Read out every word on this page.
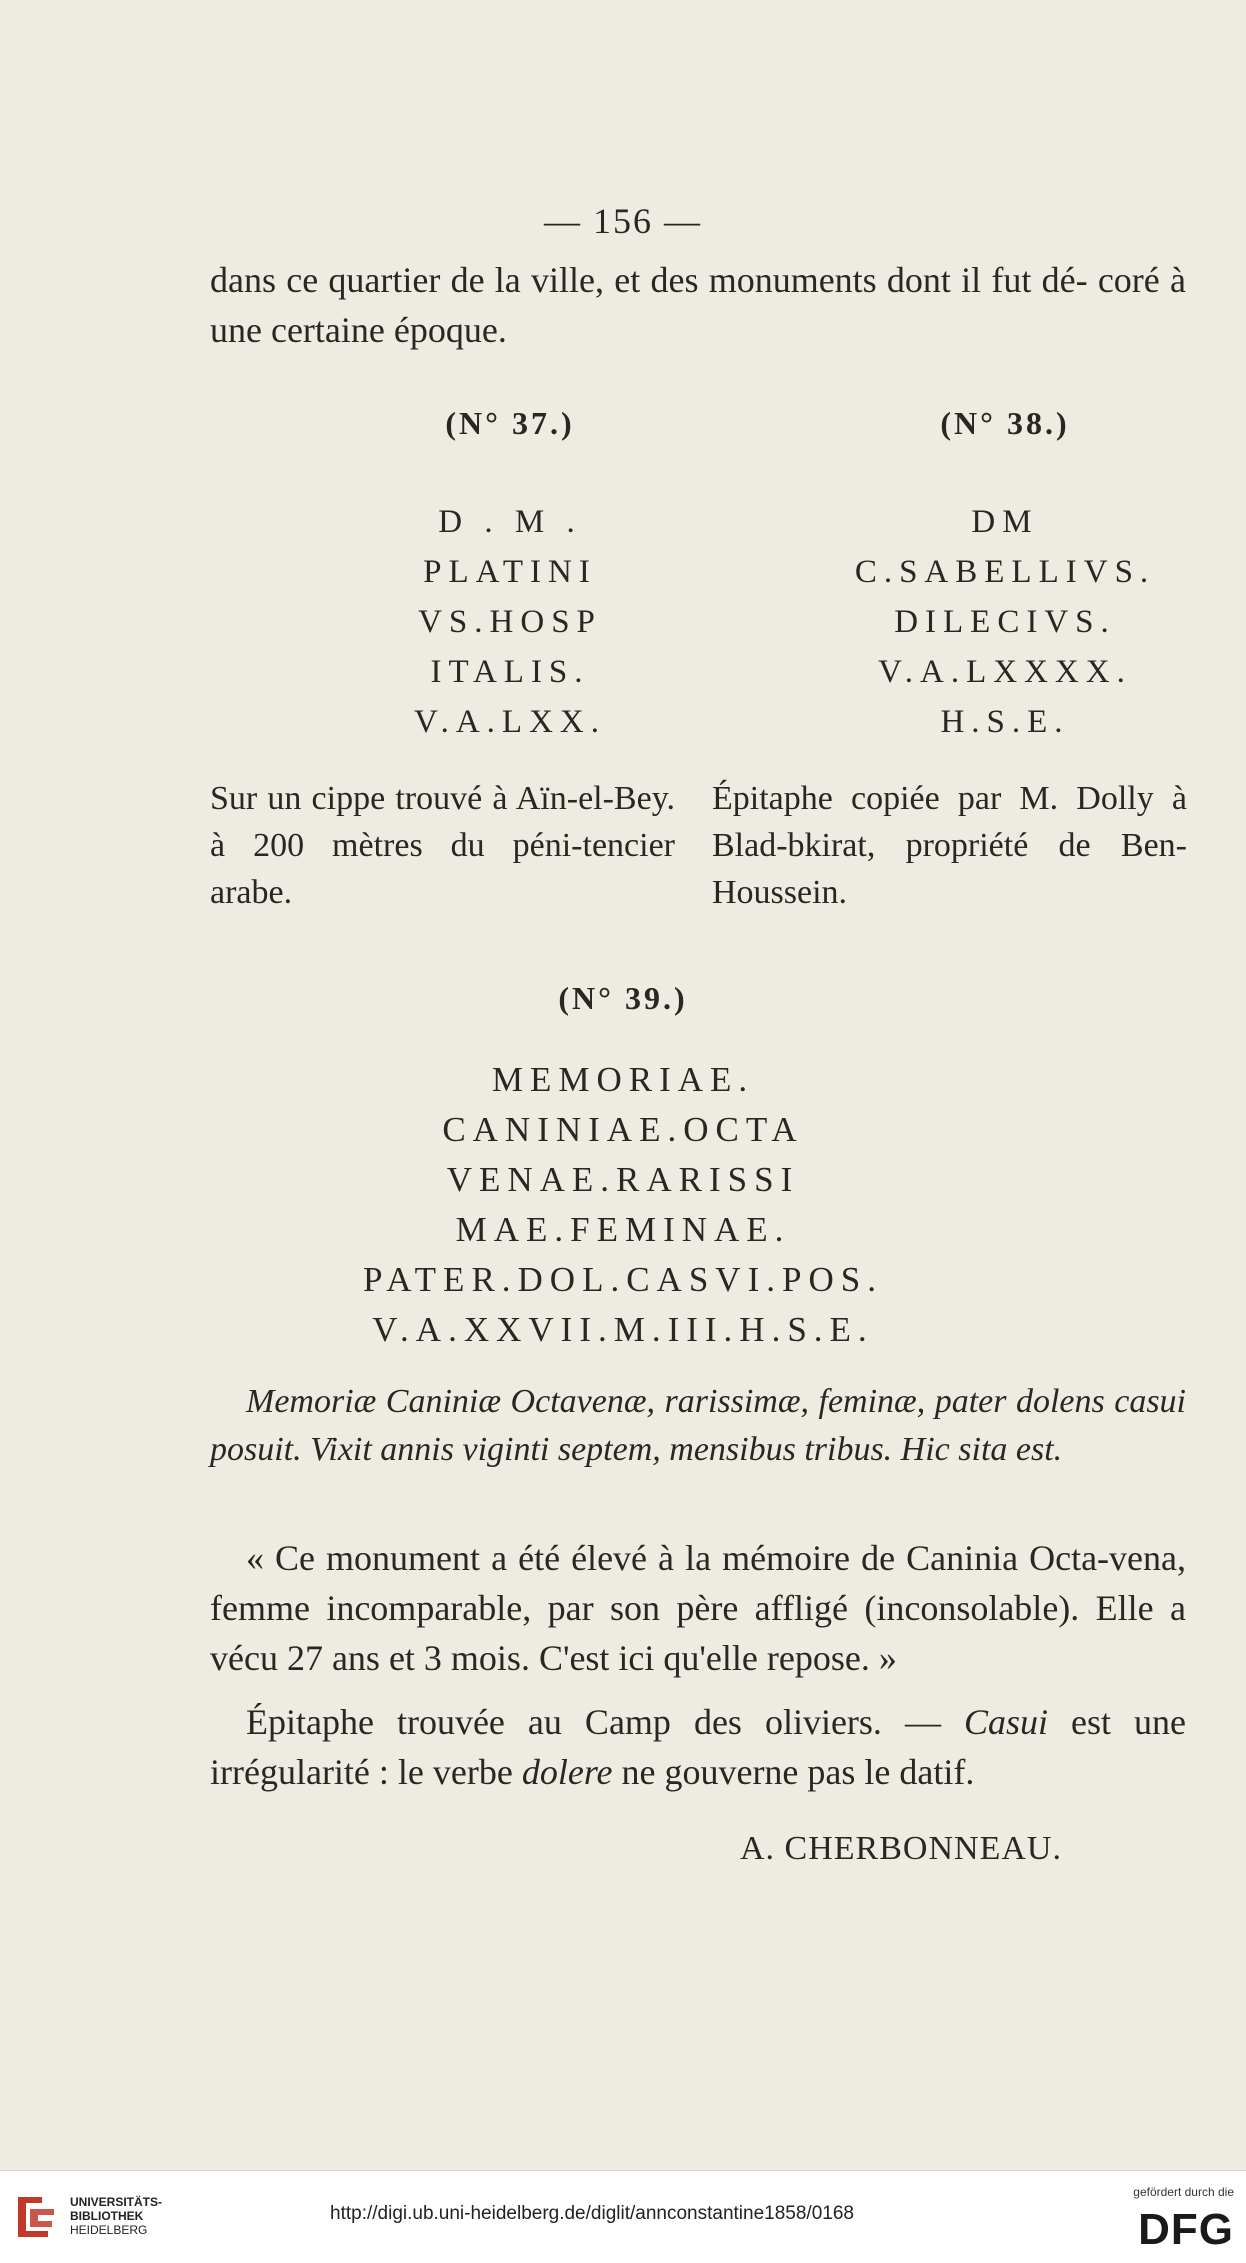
— 156 —
dans ce quartier de la ville, et des monuments dont il fut dé- coré à une certaine époque.
(N° 37.)	(N° 38.)
D . M .
PLATINI
VS.HOSP
ITALIS.
V.A.LXX.
DM
C.SABELLIVS.
DILECIVS.
V.A.LXXXX.
H.S.E.
Sur un cippe trouvé à Aïn-el-Bey. à 200 mètres du péni-tencier arabe.
Épitaphe copiée par M. Dolly à Blad-bkirat, propriété de Ben-Houssein.
(N° 39.)
MEMORIAE.
CANINIAE.OCTA
VENAE.RARISSI
MAE.FEMINAE.
PATER.DOL.CASVI.POS.
V.A.XXVII.M.III.H.S.E.
Memoriæ Caniniæ Octavenæ, rarissimæ, feminæ, pater dolens casui posuit. Vixit annis viginti septem, mensibus tribus. Hic sita est.
« Ce monument a été élevé à la mémoire de Caninia Octa-vena, femme incomparable, par son père affligé (inconsolable). Elle a vécu 27 ans et 3 mois. C'est ici qu'elle repose. »
Épitaphe trouvée au Camp des oliviers. — Casui est une irrégularité : le verbe dolere ne gouverne pas le datif.
A. CHERBONNEAU.
UNIVERSITÄTS-
BIBLIOTHEK
HEIDELBERG
http://digi.ub.uni-heidelberg.de/diglit/annconstantine1858/0168
gefördert durch die
DFG
